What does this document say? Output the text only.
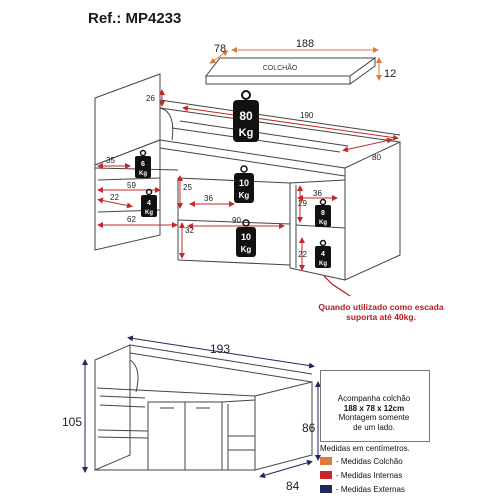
COLCHÃO
188
78
12
26
190
80
35
25
59
36
36
22
29
90
32
62
22
80
Kg
6
Kg
10
Kg
4
Kg
10
Kg
8
Kg
4
Kg
193
105	86
84
Ref.: MP4233
Quando utilizado como escada suporta até 40kg.
Acompanha colchão
188 x 78 x 12cm
Montagem somente
de um lado.
Medidas em centímetros.
- Medidas Colchão
- Medidas Internas
- Medidas Externas
